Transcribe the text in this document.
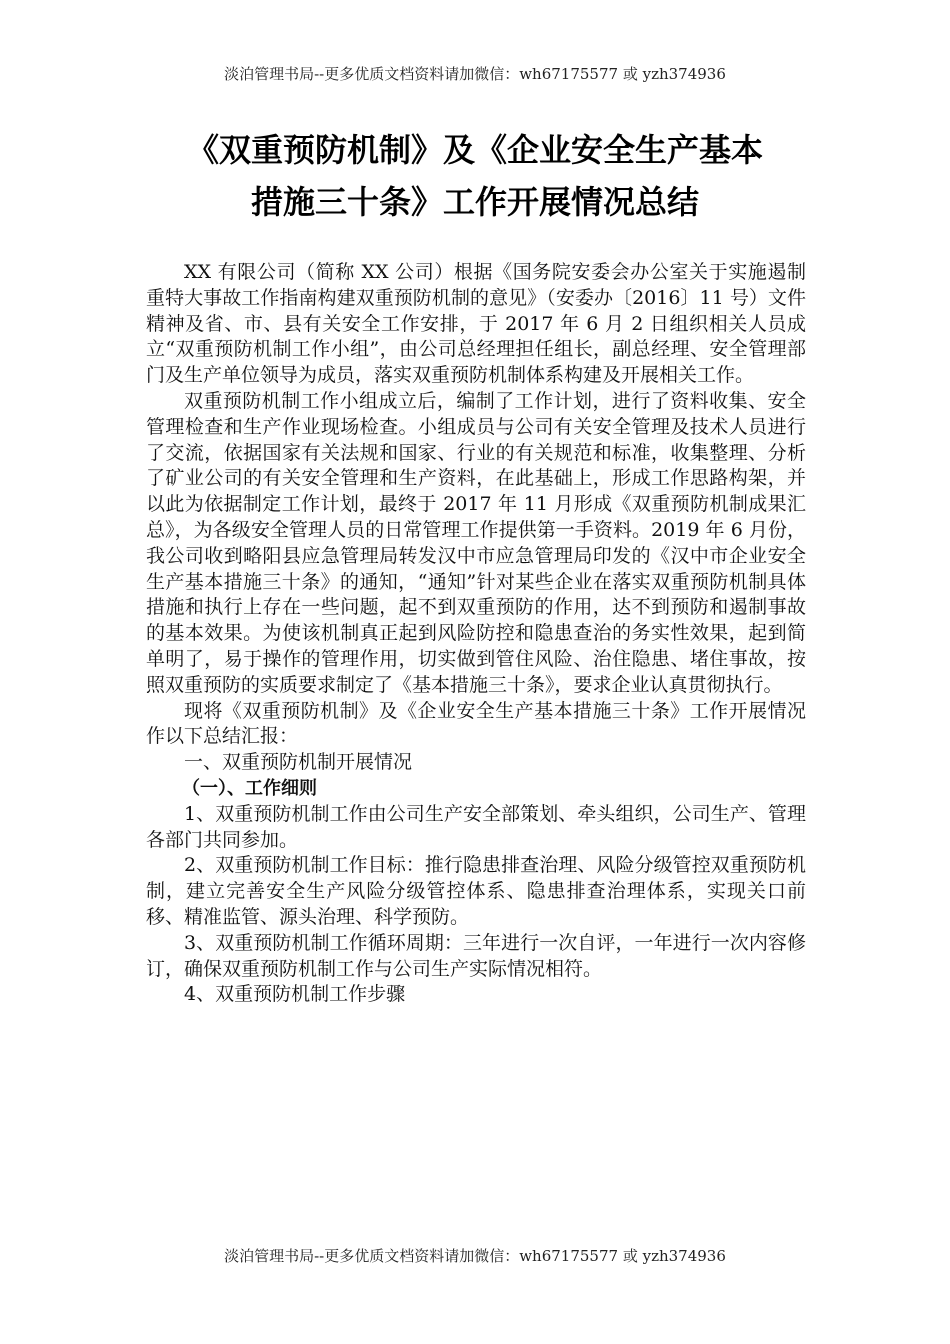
淡泊管理书局--更多优质文档资料请加微信：wh67175577 或 yzh374936
《双重预防机制》及《企业安全生产基本
措施三十条》工作开展情况总结

XX 有限公司（简称 XX 公司）根据《国务院安委会办公室关于实施遏制重特大事故工作指南构建双重预防机制的意见》（安委办〔2016〕11 号）文件精神及省、市、县有关安全工作安排，于 2017 年 6 月 2 日组织相关人员成立“双重预防机制工作小组”，由公司总经理担任组长，副总经理、安全管理部门及生产单位领导为成员，落实双重预防机制体系构建及开展相关工作。

双重预防机制工作小组成立后，编制了工作计划，进行了资料收集、安全管理检查和生产作业现场检查。小组成员与公司有关安全管理及技术人员进行了交流，依据国家有关法规和国家、行业的有关规范和标准，收集整理、分析了矿业公司的有关安全管理和生产资料，在此基础上，形成工作思路构架，并以此为依据制定工作计划，最终于 2017 年 11 月形成《双重预防机制成果汇总》，为各级安全管理人员的日常管理工作提供第一手资料。2019 年 6 月份，我公司收到略阳县应急管理局转发汉中市应急管理局印发的《汉中市企业安全生产基本措施三十条》的通知，“通知”针对某些企业在落实双重预防机制具体措施和执行上存在一些问题，起不到双重预防的作用，达不到预防和遏制事故的基本效果。为使该机制真正起到风险防控和隐患查治的务实性效果，起到简单明了，易于操作的管理作用，切实做到管住风险、治住隐患、堵住事故，按照双重预防的实质要求制定了《基本措施三十条》，要求企业认真贯彻执行。

现将《双重预防机制》及《企业安全生产基本措施三十条》工作开展情况作以下总结汇报：

一、双重预防机制开展情况
（一）、工作细则

1、双重预防机制工作由公司生产安全部策划、牵头组织，公司生产、管理各部门共同参加。

2、双重预防机制工作目标：推行隐患排查治理、风险分级管控双重预防机制，建立完善安全生产风险分级管控体系、隐患排查治理体系，实现关口前移、精准监管、源头治理、科学预防。

3、双重预防机制工作循环周期：三年进行一次自评，一年进行一次内容修订，确保双重预防机制工作与公司生产实际情况相符。

4、双重预防机制工作步骤

淡泊管理书局--更多优质文档资料请加微信：wh67175577 或 yzh374936
